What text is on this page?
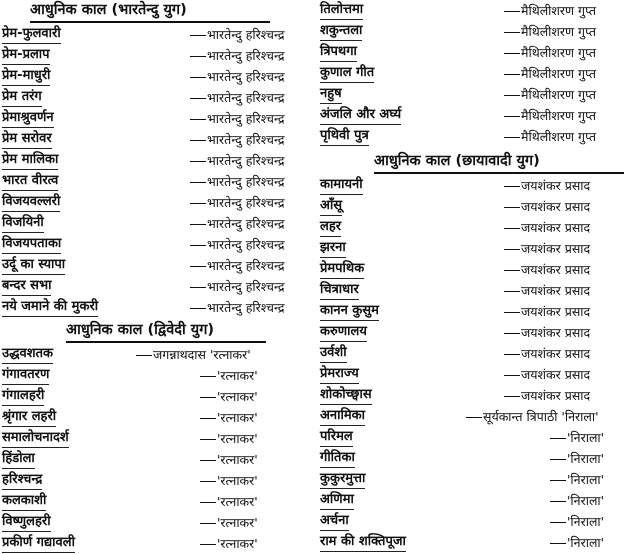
आधुनिक काल (भारतेन्दु युग)
प्रेम-फुलवारी	भारतेन्दु हरिश्चन्द्र
प्रेम-प्रलाप	भारतेन्दु हरिश्चन्द्र
प्रेम-माधुरी	भारतेन्दु हरिश्चन्द्र
प्रेम तरंग	भारतेन्दु हरिश्चन्द्र
प्रेमाश्रुवर्णन	भारतेन्दु हरिश्चन्द्र
प्रेम सरोवर	भारतेन्दु हरिश्चन्द्र
प्रेम मालिका	भारतेन्दु हरिश्चन्द्र
भारत वीरत्व	भारतेन्दु हरिश्चन्द्र
विजयवल्लरी	भारतेन्दु हरिश्चन्द्र
विजयिनी	भारतेन्दु हरिश्चन्द्र
विजयपताका	भारतेन्दु हरिश्चन्द्र
उर्दू का स्यापा	भारतेन्दु हरिश्चन्द्र
बन्दर सभा	भारतेन्दु हरिश्चन्द्र
नये जमाने की मुकरी	भारतेन्दु हरिश्चन्द्र
आधुनिक काल (द्विवेदी युग)
उद्धवशतक	जगन्नाथदास 'रत्नाकर'
गंगावतरण	'रत्नाकर'
गंगालहरी	'रत्नाकर'
श्रृंगार लहरी	'रत्नाकर'
समालोचनादर्श	'रत्नाकर'
हिंडोला	'रत्नाकर'
हरिश्चन्द्र	'रत्नाकर'
कलकाशी	'रत्नाकर'
विष्णुलहरी	'रत्नाकर'
प्रकीर्ण गद्यावली	'रत्नाकर'
तिलोत्तमा	मैथिलीशरण गुप्त
शकुन्तला	मैथिलीशरण गुप्त
त्रिपथगा	मैथिलीशरण गुप्त
कुणाल गीत	मैथिलीशरण गुप्त
नहुष	मैथिलीशरण गुप्त
अंजलि और अर्घ्य	मैथिलीशरण गुप्त
पृथिवी पुत्र	मैथिलीशरण गुप्त
आधुनिक काल (छायावादी युग)
कामायनी	जयशंकर प्रसाद
आँसू	जयशंकर प्रसाद
लहर	जयशंकर प्रसाद
झरना	जयशंकर प्रसाद
प्रेमपथिक	जयशंकर प्रसाद
चित्राधार	जयशंकर प्रसाद
कानन कुसुम	जयशंकर प्रसाद
करुणालय	जयशंकर प्रसाद
उर्वशी	जयशंकर प्रसाद
प्रेमराज्य	जयशंकर प्रसाद
शोकोच्छ्वास	जयशंकर प्रसाद
अनामिका	सूर्यकान्त त्रिपाठी 'निराला'
परिमल	'निराला'
गीतिका	'निराला'
कुकुरमुत्ता	'निराला'
अणिमा	'निराला'
अर्चना	'निराला'
राम की शक्तिपूजा	'निराला'
